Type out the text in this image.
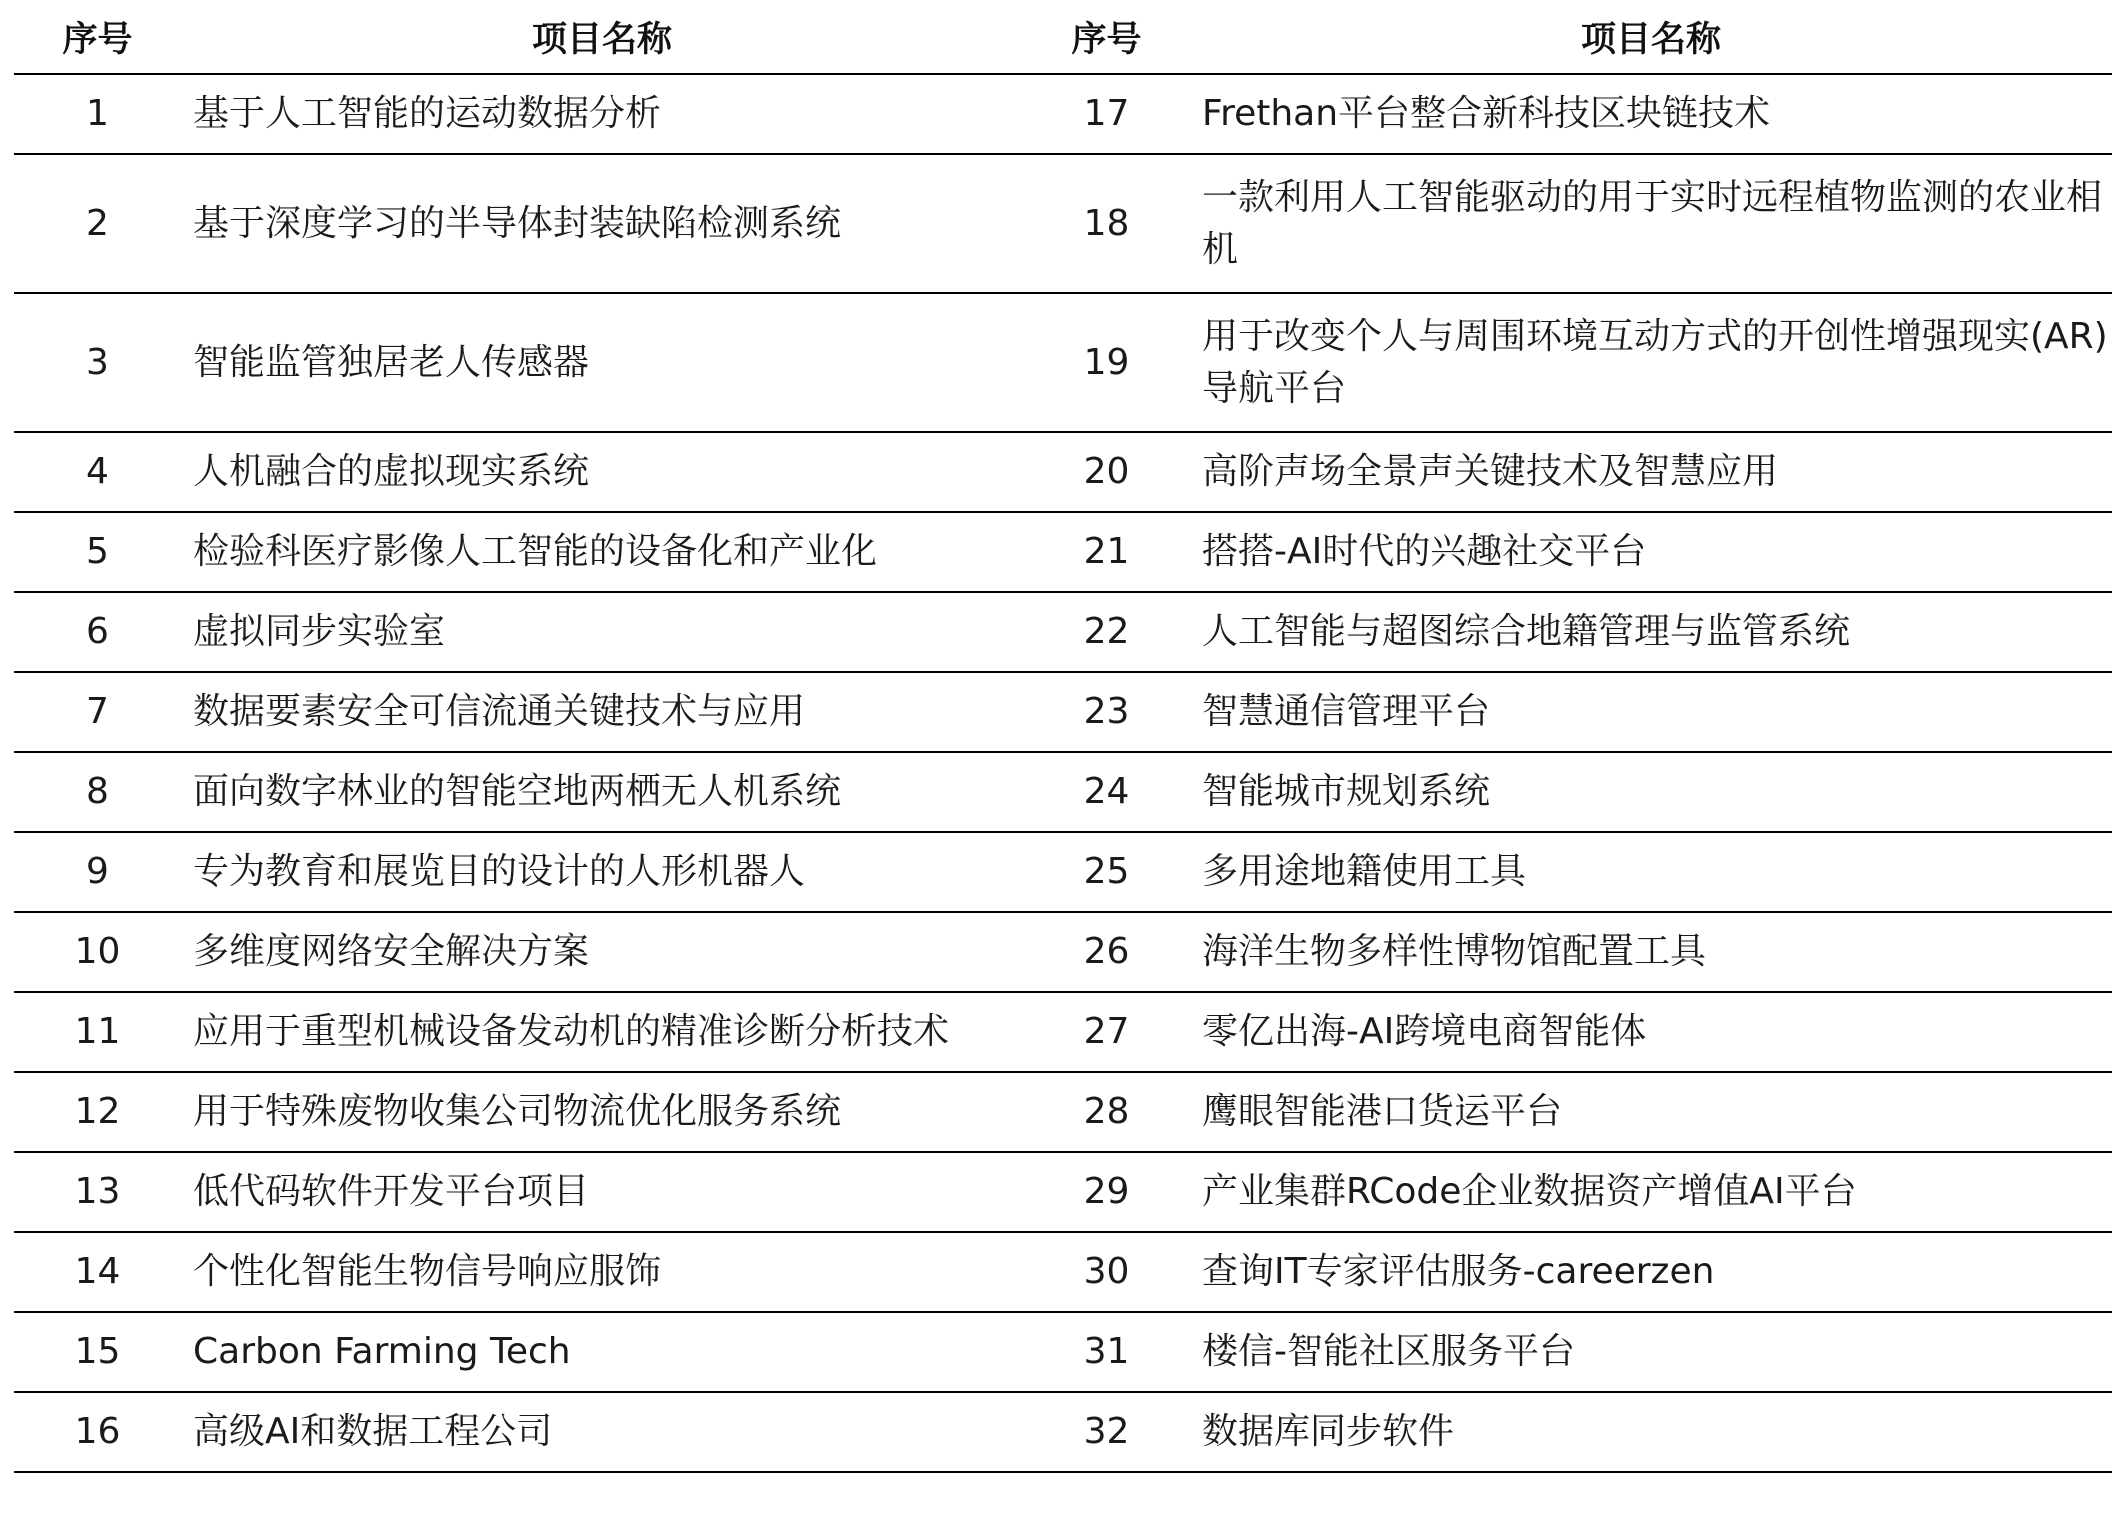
序号	项目名称	序号	项目名称
1	基于人工智能的运动数据分析	17	Frethan平台整合新科技区块链技术
2	基于深度学习的半导体封装缺陷检测系统	18	一款利用人工智能驱动的用于实时远程植物监测的农业相机
3	智能监管独居老人传感器	19	用于改变个人与周围环境互动方式的开创性增强现实(AR)导航平台
4	人机融合的虚拟现实系统	20	高阶声场全景声关键技术及智慧应用
5	检验科医疗影像人工智能的设备化和产业化	21	搭搭-AI时代的兴趣社交平台
6	虚拟同步实验室	22	人工智能与超图综合地籍管理与监管系统
7	数据要素安全可信流通关键技术与应用	23	智慧通信管理平台
8	面向数字林业的智能空地两栖无人机系统	24	智能城市规划系统
9	专为教育和展览目的设计的人形机器人	25	多用途地籍使用工具
10	多维度网络安全解决方案	26	海洋生物多样性博物馆配置工具
11	应用于重型机械设备发动机的精准诊断分析技术	27	零亿出海-AI跨境电商智能体
12	用于特殊废物收集公司物流优化服务系统	28	鹰眼智能港口货运平台
13	低代码软件开发平台项目	29	产业集群RCode企业数据资产增值AI平台
14	个性化智能生物信号响应服饰	30	查询IT专家评估服务-careerzen
15	Carbon Farming Tech	31	楼信-智能社区服务平台
16	高级AI和数据工程公司	32	数据库同步软件
